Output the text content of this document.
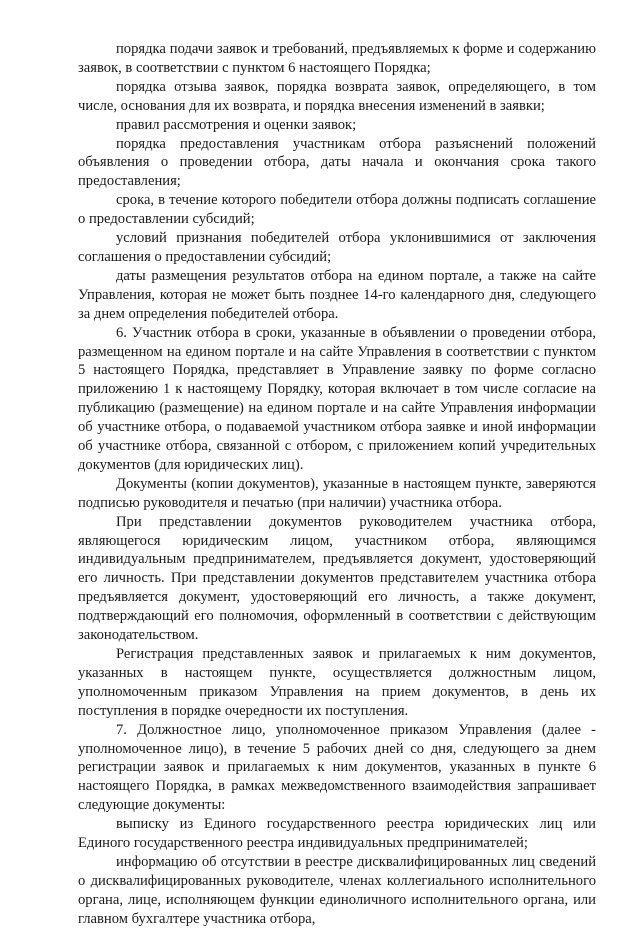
порядка подачи заявок и требований, предъявляемых к форме и содержанию заявок, в соответствии с пунктом 6 настоящего Порядка;

порядка отзыва заявок, порядка возврата заявок, определяющего, в том числе, основания для их возврата, и порядка внесения изменений в заявки;

правил рассмотрения и оценки заявок;

порядка предоставления участникам отбора разъяснений положений объявления о проведении отбора, даты начала и окончания срока такого предоставления;

срока, в течение которого победители отбора должны подписать соглашение о предоставлении субсидий;

условий признания победителей отбора уклонившимися от заключения соглашения о предоставлении субсидий;

даты размещения результатов отбора на едином портале, а также на сайте Управления, которая не может быть позднее 14-го календарного дня, следующего за днем определения победителей отбора.

6. Участник отбора в сроки, указанные в объявлении о проведении отбора, размещенном на едином портале и на сайте Управления в соответствии с пунктом 5 настоящего Порядка, представляет в Управление заявку по форме согласно приложению 1 к настоящему Порядку, которая включает в том числе согласие на публикацию (размещение) на едином портале и на сайте Управления информации об участнике отбора, о подаваемой участником отбора заявке и иной информации об участнике отбора, связанной с отбором, с приложением копий учредительных документов (для юридических лиц).

Документы (копии документов), указанные в настоящем пункте, заверяются подписью руководителя и печатью (при наличии) участника отбора.

При представлении документов руководителем участника отбора, являющегося юридическим лицом, участником отбора, являющимся индивидуальным предпринимателем, предъявляется документ, удостоверяющий его личность. При представлении документов представителем участника отбора предъявляется документ, удостоверяющий его личность, а также документ, подтверждающий его полномочия, оформленный в соответствии с действующим законодательством.

Регистрация представленных заявок и прилагаемых к ним документов, указанных в настоящем пункте, осуществляется должностным лицом, уполномоченным приказом Управления на прием документов, в день их поступления в порядке очередности их поступления.

7. Должностное лицо, уполномоченное приказом Управления (далее - уполномоченное лицо), в течение 5 рабочих дней со дня, следующего за днем регистрации заявок и прилагаемых к ним документов, указанных в пункте 6 настоящего Порядка, в рамках межведомственного взаимодействия запрашивает следующие документы:

выписку из Единого государственного реестра юридических лиц или Единого государственного реестра индивидуальных предпринимателей;

информацию об отсутствии в реестре дисквалифицированных лиц сведений о дисквалифицированных руководителе, членах коллегиального исполнительного органа, лице, исполняющем функции единоличного исполнительного органа, или главном бухгалтере участника отбора,
